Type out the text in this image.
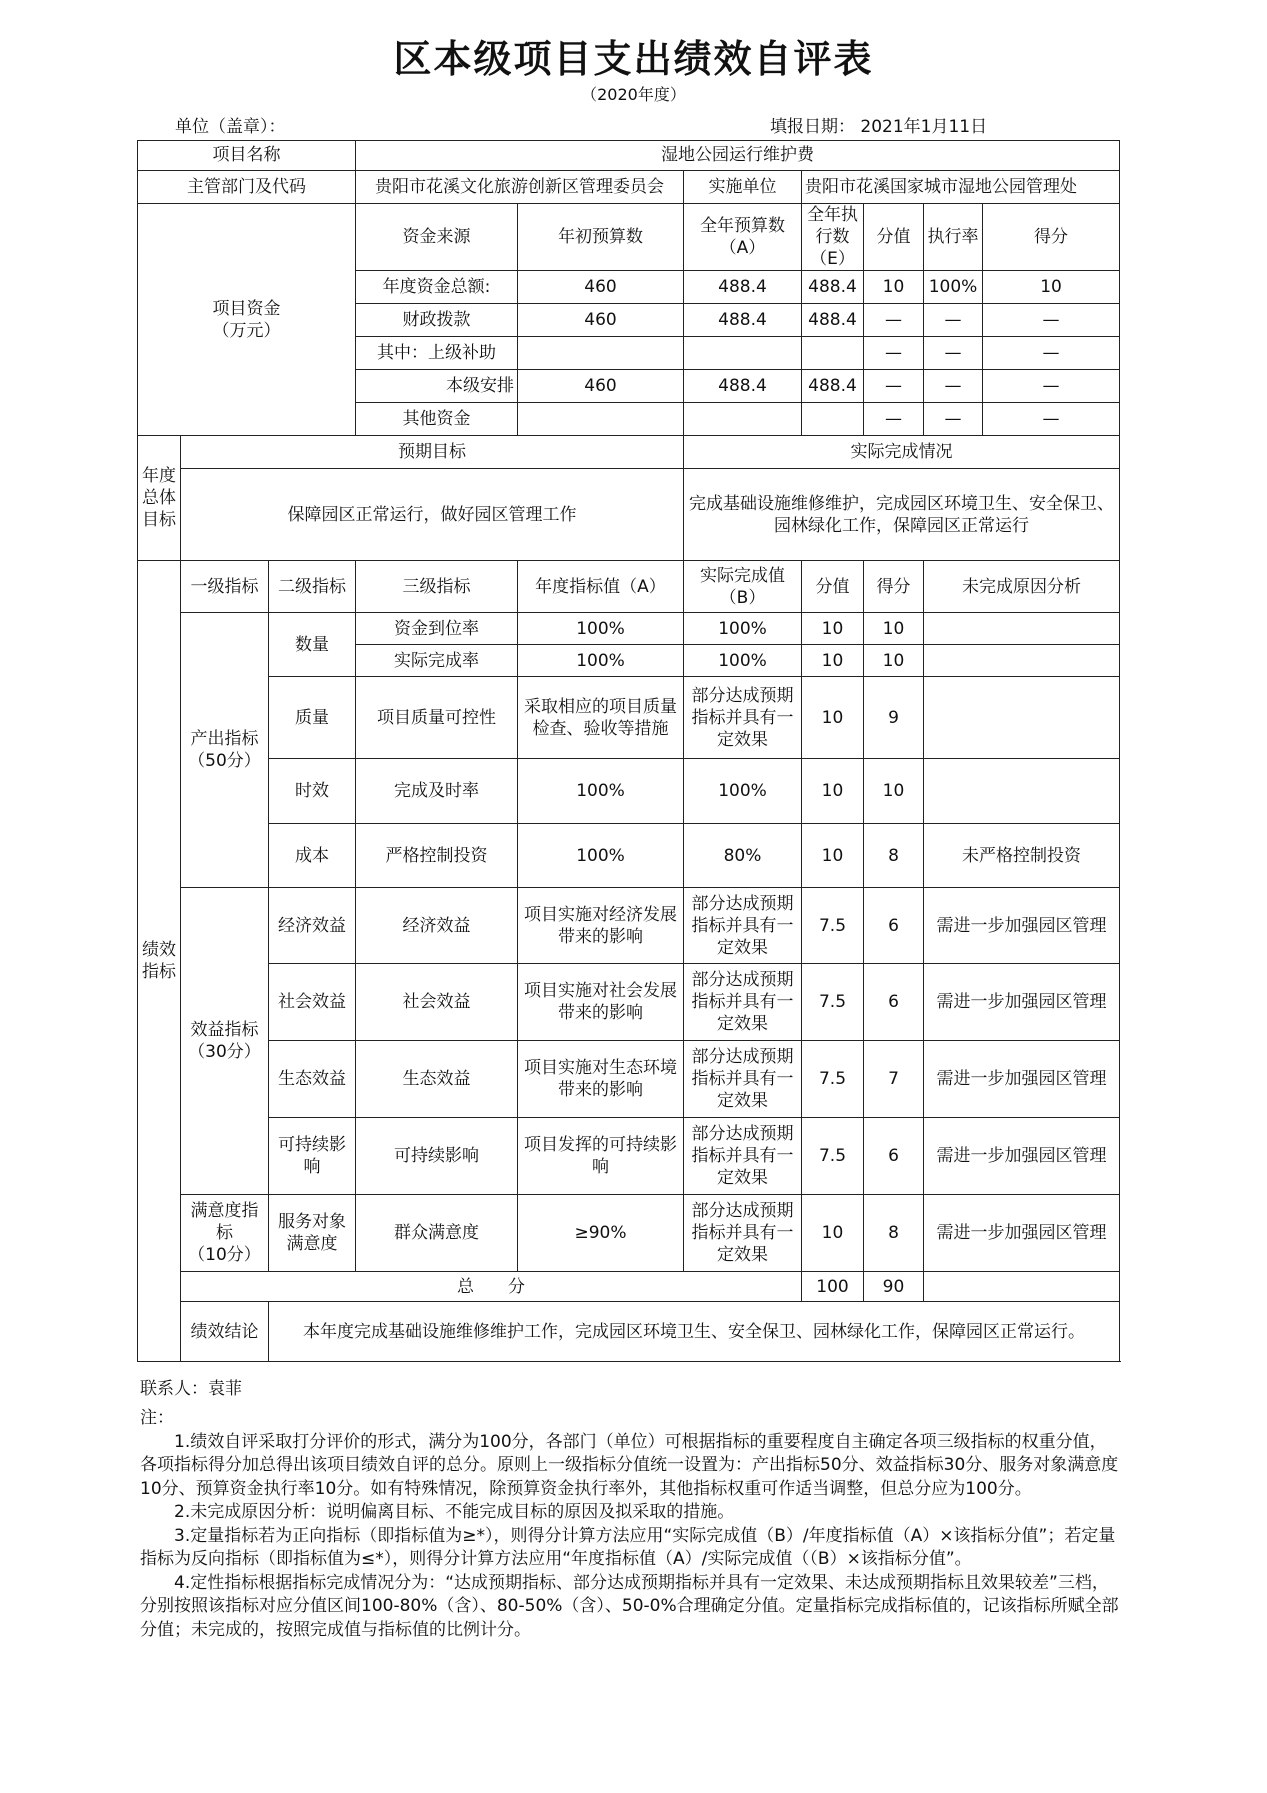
区本级项目支出绩效自评表
（2020年度）
单位（盖章）：	填报日期： 2021年1月11日
项目名称			湿地公园运行维护费						
主管部门及代码			贵阳市花溪文化旅游创新区管理委员会		实施单位	贵阳市花溪国家城市湿地公园管理处			
项目资金
（万元）			资金来源	年初预算数	全年预算数（A）	全年执行数（E）	分值	执行率	得分
			年度资金总额:	460	488.4	488.4	10	100%	10
			财政拨款	460	488.4	488.4	—	—	—
			其中：上级补助				—	—	—
			本级安排	460	488.4	488.4	—	—	—
			其他资金				—	—	—
年度总体目标	预期目标				实际完成情况				
	保障园区正常运行，做好园区管理工作				完成基础设施维修维护，完成园区环境卫生、安全保卫、园林绿化工作，保障园区正常运行				
绩效指标	一级指标	二级指标	三级指标	年度指标值（A）	实际完成值（B）	分值	得分	未完成原因分析	
	产出指标
（50分）	数量	资金到位率	100%	100%	10	10		
			实际完成率	100%	100%	10	10		
		质量	项目质量可控性	采取相应的项目质量检查、验收等措施	部分达成预期指标并具有一定效果	10	9		
		时效	完成及时率	100%	100%	10	10		
		成本	严格控制投资	100%	80%	10	8	未严格控制投资	
	效益指标
（30分）	经济效益	经济效益	项目实施对经济发展带来的影响	部分达成预期指标并具有一定效果	7.5	6	需进一步加强园区管理	
		社会效益	社会效益	项目实施对社会发展带来的影响	部分达成预期指标并具有一定效果	7.5	6	需进一步加强园区管理	
		生态效益	生态效益	项目实施对生态环境带来的影响	部分达成预期指标并具有一定效果	7.5	7	需进一步加强园区管理	
		可持续影响	可持续影响	项目发挥的可持续影响	部分达成预期指标并具有一定效果	7.5	6	需进一步加强园区管理	
	满意度指标
（10分）	服务对象满意度	群众满意度	≥90%	部分达成预期指标并具有一定效果	10	8	需进一步加强园区管理	
	总　　分					100	90		
	绩效结论	本年度完成基础设施维修维护工作，完成园区环境卫生、安全保卫、园林绿化工作，保障园区正常运行。							

联系人：袁菲

注：

1.绩效自评采取打分评价的形式，满分为100分，各部门（单位）可根据指标的重要程度自主确定各项三级指标的权重分值，各项指标得分加总得出该项目绩效自评的总分。原则上一级指标分值统一设置为：产出指标50分、效益指标30分、服务对象满意度10分、预算资金执行率10分。如有特殊情况，除预算资金执行率外，其他指标权重可作适当调整，但总分应为100分。

2.未完成原因分析：说明偏离目标、不能完成目标的原因及拟采取的措施。

3.定量指标若为正向指标（即指标值为≥*），则得分计算方法应用“实际完成值（B）/年度指标值（A）×该指标分值”；若定量指标为反向指标（即指标值为≤*），则得分计算方法应用“年度指标值（A）/实际完成值（（B）×该指标分值”。

4.定性指标根据指标完成情况分为：“达成预期指标、部分达成预期指标并具有一定效果、未达成预期指标且效果较差”三档，分别按照该指标对应分值区间100-80%（含）、80-50%（含）、50-0%合理确定分值。定量指标完成指标值的，记该指标所赋全部分值；未完成的，按照完成值与指标值的比例计分。
